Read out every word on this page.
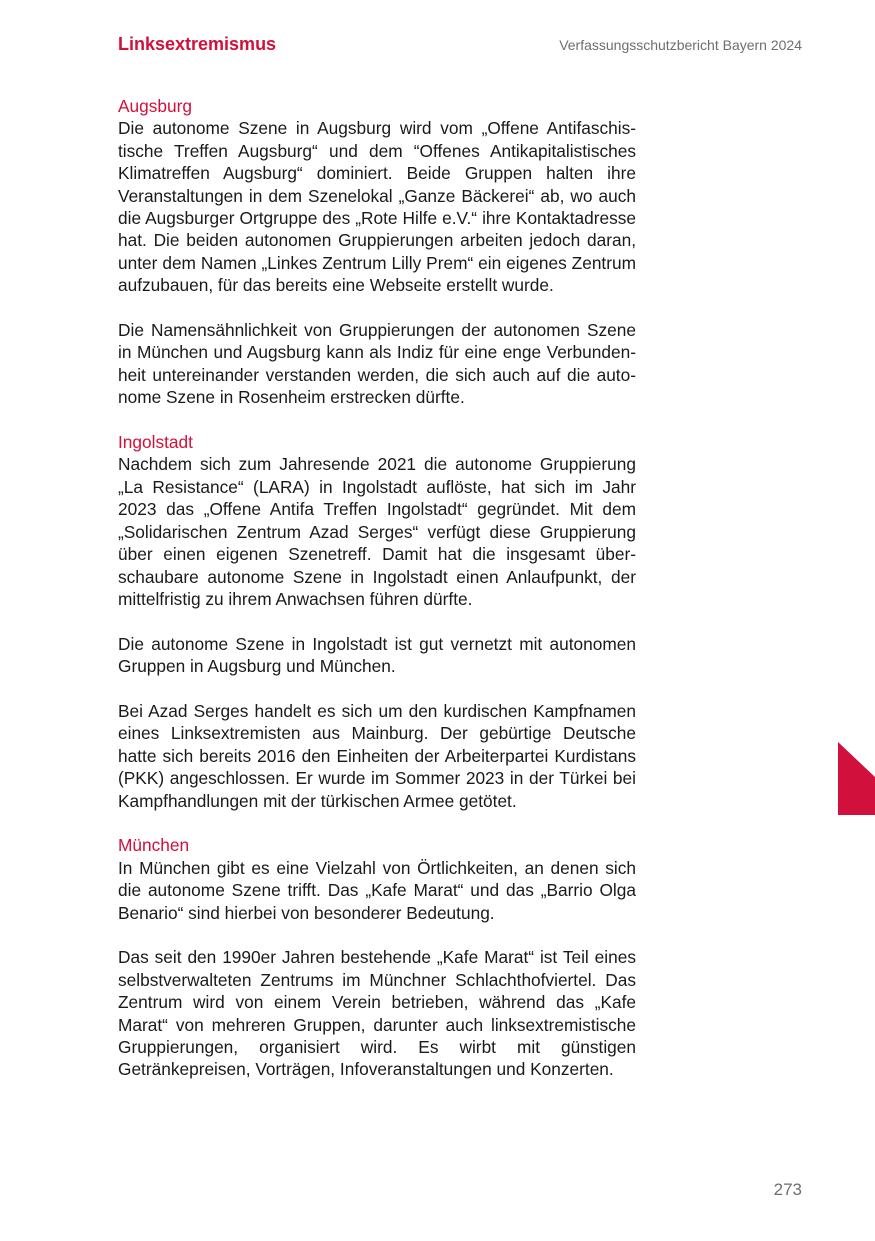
Linksextremismus	Verfassungsschutzbericht Bayern 2024
Augsburg

Die autonome Szene in Augsburg wird vom „Offene Antifaschistische Treffen Augsburg“ und dem “Offenes Antikapitalistisches Klimatreffen Augsburg“ dominiert. Beide Gruppen halten ihre Veranstaltungen in dem Szenelokal „Ganze Bäckerei“ ab, wo auch die Augsburger Ortgruppe des „Rote Hilfe e.V.“ ihre Kontaktadresse hat. Die beiden autonomen Gruppierungen arbeiten jedoch daran, unter dem Namen „Linkes Zentrum Lilly Prem“ ein eigenes Zentrum aufzubauen, für das bereits eine Webseite erstellt wurde.

Die Namensähnlichkeit von Gruppierungen der autonomen Szene in München und Augsburg kann als Indiz für eine enge Verbundenheit untereinander verstanden werden, die sich auch auf die autonome Szene in Rosenheim erstrecken dürfte.

Ingolstadt

Nachdem sich zum Jahresende 2021 die autonome Gruppierung „La Resistance“ (LARA) in Ingolstadt auflöste, hat sich im Jahr 2023 das „Offene Antifa Treffen Ingolstadt“ gegründet. Mit dem „Solidarischen Zentrum Azad Serges“ verfügt diese Gruppierung über einen eigenen Szenetreff. Damit hat die insgesamt überschaubare autonome Szene in Ingolstadt einen Anlaufpunkt, der mittelfristig zu ihrem Anwachsen führen dürfte.

Die autonome Szene in Ingolstadt ist gut vernetzt mit autonomen Gruppen in Augsburg und München.

Bei Azad Serges handelt es sich um den kurdischen Kampfnamen eines Linksextremisten aus Mainburg. Der gebürtige Deutsche hatte sich bereits 2016 den Einheiten der Arbeiterpartei Kurdistans (PKK) angeschlossen. Er wurde im Sommer 2023 in der Türkei bei Kampfhandlungen mit der türkischen Armee getötet.

München

In München gibt es eine Vielzahl von Örtlichkeiten, an denen sich die autonome Szene trifft. Das „Kafe Marat“ und das „Barrio Olga Benario“ sind hierbei von besonderer Bedeutung.

Das seit den 1990er Jahren bestehende „Kafe Marat“ ist Teil eines selbstverwalteten Zentrums im Münchner Schlachthofviertel. Das Zentrum wird von einem Verein betrieben, während das „Kafe Marat“ von mehreren Gruppen, darunter auch linksextremistische Gruppierungen, organisiert wird. Es wirbt mit günstigen Getränkepreisen, Vorträgen, Infoveranstaltungen und Konzerten.

273
